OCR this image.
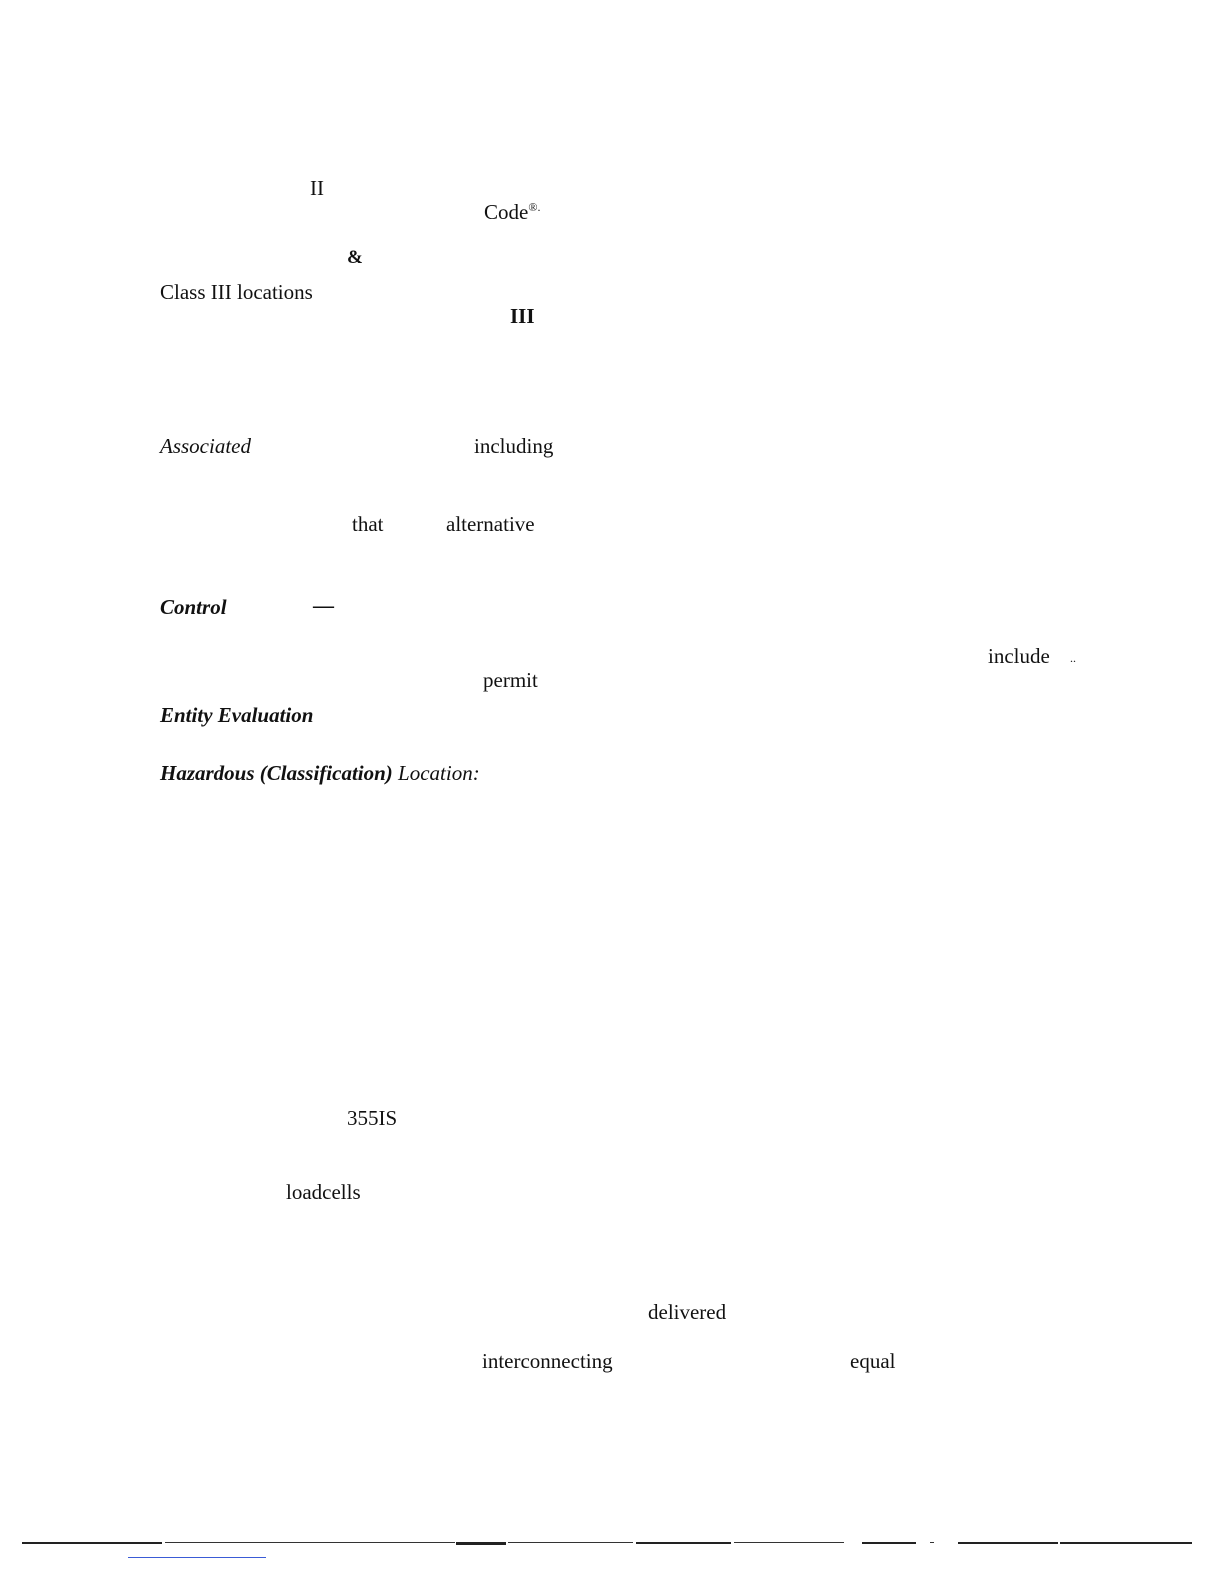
II
Code®.
&
Class III locations
III
Associated	including
that	alternative
Control	—
include ..
permit
Entity Evaluation
Hazardous (Classification) Location:
355IS
loadcells
delivered
interconnecting	equal
